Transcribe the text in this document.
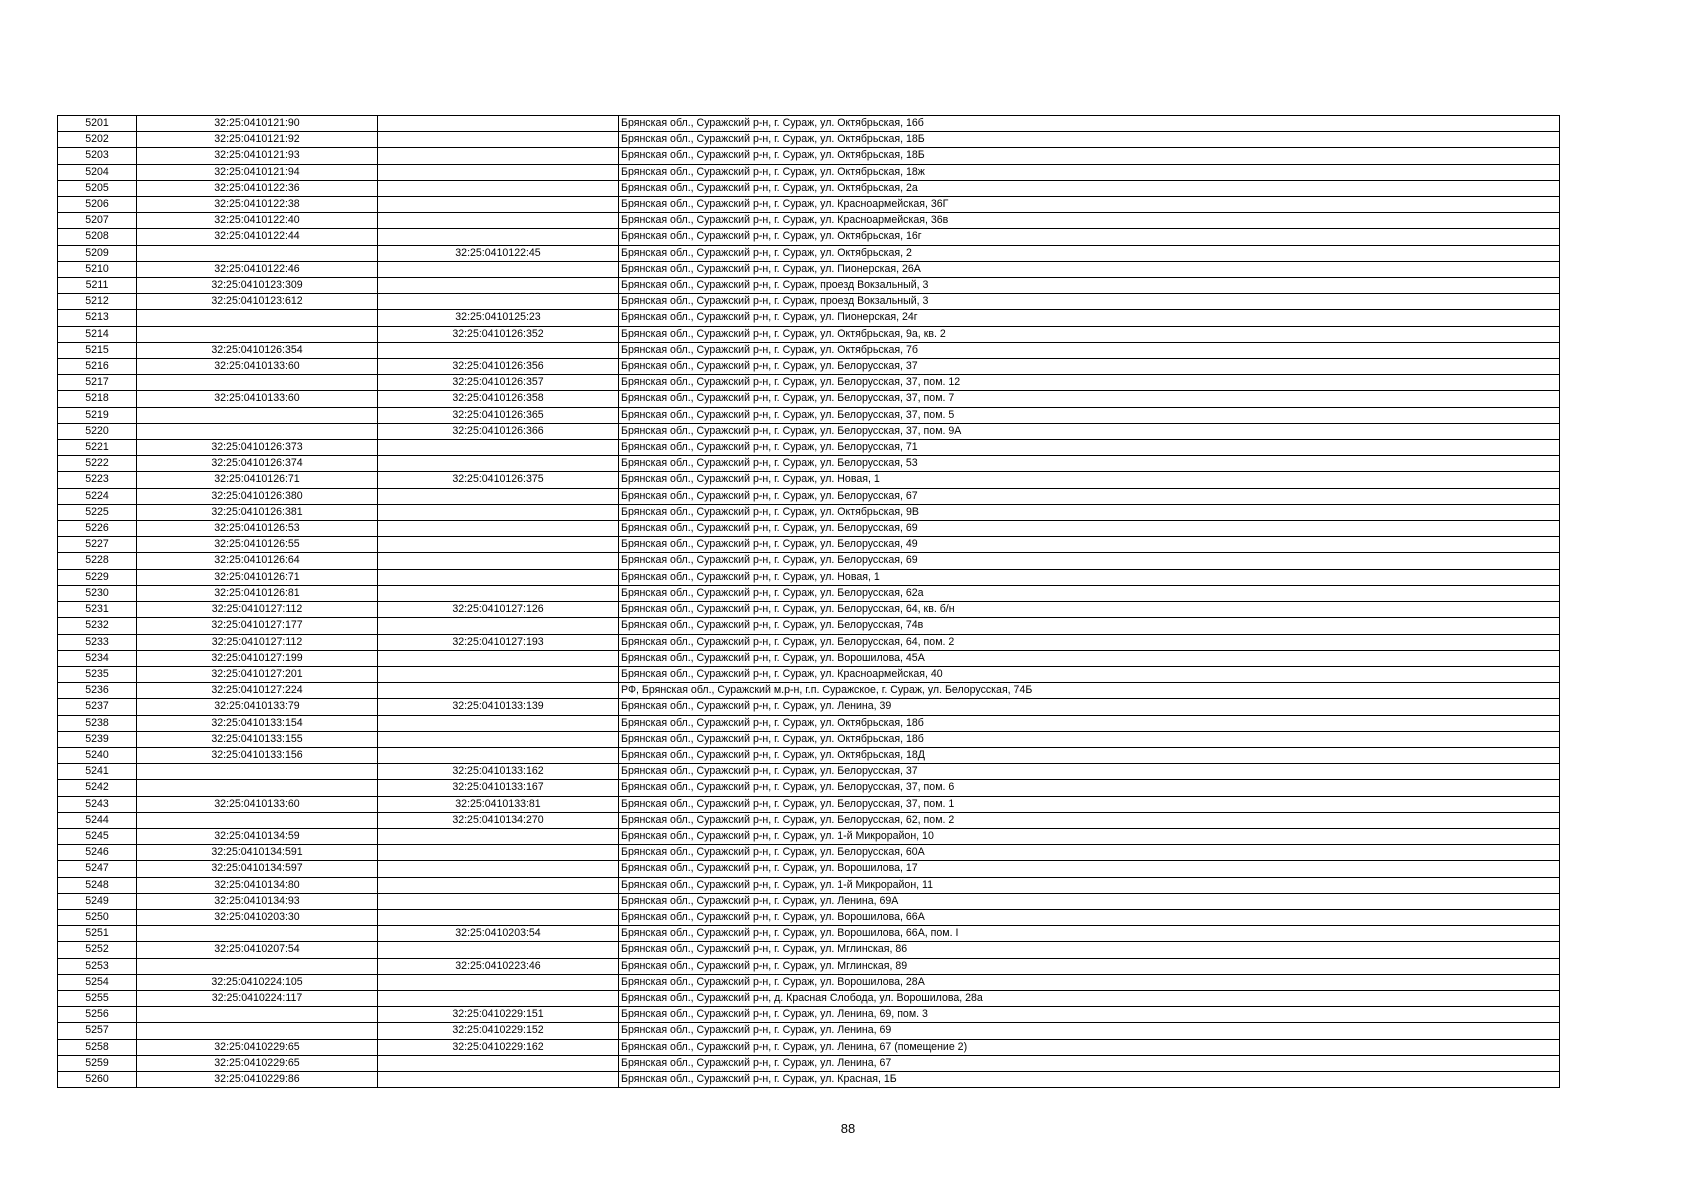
5201	32:25:0410121:90		Брянская обл., Суражский р-н, г. Сураж, ул. Октябрьская, 16б
5202	32:25:0410121:92		Брянская обл., Суражский р-н, г. Сураж, ул. Октябрьская, 18Б
5203	32:25:0410121:93		Брянская обл., Суражский р-н, г. Сураж, ул. Октябрьская, 18Б
5204	32:25:0410121:94		Брянская обл., Суражский р-н, г. Сураж, ул. Октябрьская, 18ж
5205	32:25:0410122:36		Брянская обл., Суражский р-н, г. Сураж, ул. Октябрьская, 2а
5206	32:25:0410122:38		Брянская обл., Суражский р-н, г. Сураж, ул. Красноармейская, 36Г
5207	32:25:0410122:40		Брянская обл., Суражский р-н, г. Сураж, ул. Красноармейская, 36в
5208	32:25:0410122:44		Брянская обл., Суражский р-н, г. Сураж, ул. Октябрьская, 16г
5209		32:25:0410122:45	Брянская обл., Суражский р-н, г. Сураж, ул. Октябрьская, 2
5210	32:25:0410122:46		Брянская обл., Суражский р-н, г. Сураж, ул. Пионерская, 26А
5211	32:25:0410123:309		Брянская обл., Суражский р-н, г. Сураж, проезд Вокзальный, 3
5212	32:25:0410123:612		Брянская обл., Суражский р-н, г. Сураж, проезд Вокзальный, 3
5213		32:25:0410125:23	Брянская обл., Суражский р-н, г. Сураж, ул. Пионерская, 24г
5214		32:25:0410126:352	Брянская обл., Суражский р-н, г. Сураж, ул. Октябрьская, 9а, кв. 2
5215	32:25:0410126:354		Брянская обл., Суражский р-н, г. Сураж, ул. Октябрьская, 7б
5216	32:25:0410133:60	32:25:0410126:356	Брянская обл., Суражский р-н, г. Сураж, ул. Белорусская, 37
5217		32:25:0410126:357	Брянская обл., Суражский р-н, г. Сураж, ул. Белорусская, 37, пом. 12
5218	32:25:0410133:60	32:25:0410126:358	Брянская обл., Суражский р-н, г. Сураж, ул. Белорусская, 37, пом. 7
5219		32:25:0410126:365	Брянская обл., Суражский р-н, г. Сураж, ул. Белорусская, 37, пом. 5
5220		32:25:0410126:366	Брянская обл., Суражский р-н, г. Сураж, ул. Белорусская, 37, пом. 9А
5221	32:25:0410126:373		Брянская обл., Суражский р-н, г. Сураж, ул. Белорусская, 71
5222	32:25:0410126:374		Брянская обл., Суражский р-н, г. Сураж, ул. Белорусская, 53
5223	32:25:0410126:71	32:25:0410126:375	Брянская обл., Суражский р-н, г. Сураж, ул. Новая, 1
5224	32:25:0410126:380		Брянская обл., Суражский р-н, г. Сураж, ул. Белорусская, 67
5225	32:25:0410126:381		Брянская обл., Суражский р-н, г. Сураж, ул. Октябрьская, 9В
5226	32:25:0410126:53		Брянская обл., Суражский р-н, г. Сураж, ул. Белорусская, 69
5227	32:25:0410126:55		Брянская обл., Суражский р-н, г. Сураж, ул. Белорусская, 49
5228	32:25:0410126:64		Брянская обл., Суражский р-н, г. Сураж, ул. Белорусская, 69
5229	32:25:0410126:71		Брянская обл., Суражский р-н, г. Сураж, ул. Новая, 1
5230	32:25:0410126:81		Брянская обл., Суражский р-н, г. Сураж, ул. Белорусская, 62а
5231	32:25:0410127:112	32:25:0410127:126	Брянская обл., Суражский р-н, г. Сураж, ул. Белорусская, 64, кв. б/н
5232	32:25:0410127:177		Брянская обл., Суражский р-н, г. Сураж, ул. Белорусская, 74в
5233	32:25:0410127:112	32:25:0410127:193	Брянская обл., Суражский р-н, г. Сураж, ул. Белорусская, 64, пом. 2
5234	32:25:0410127:199		Брянская обл., Суражский р-н, г. Сураж, ул. Ворошилова, 45А
5235	32:25:0410127:201		Брянская обл., Суражский р-н, г. Сураж, ул. Красноармейская, 40
5236	32:25:0410127:224		РФ, Брянская обл., Суражский м.р-н, г.п. Суражское, г. Сураж, ул. Белорусская, 74Б
5237	32:25:0410133:79	32:25:0410133:139	Брянская обл., Суражский р-н, г. Сураж, ул. Ленина, 39
5238	32:25:0410133:154		Брянская обл., Суражский р-н, г. Сураж, ул. Октябрьская, 18б
5239	32:25:0410133:155		Брянская обл., Суражский р-н, г. Сураж, ул. Октябрьская, 18б
5240	32:25:0410133:156		Брянская обл., Суражский р-н, г. Сураж, ул. Октябрьская, 18Д
5241		32:25:0410133:162	Брянская обл., Суражский р-н, г. Сураж, ул. Белорусская, 37
5242		32:25:0410133:167	Брянская обл., Суражский р-н, г. Сураж, ул. Белорусская, 37, пом. 6
5243	32:25:0410133:60	32:25:0410133:81	Брянская обл., Суражский р-н, г. Сураж, ул. Белорусская, 37, пом. 1
5244		32:25:0410134:270	Брянская обл., Суражский р-н, г. Сураж, ул. Белорусская, 62, пом. 2
5245	32:25:0410134:59		Брянская обл., Суражский р-н, г. Сураж, ул. 1-й Микрорайон, 10
5246	32:25:0410134:591		Брянская обл., Суражский р-н, г. Сураж, ул. Белорусская, 60А
5247	32:25:0410134:597		Брянская обл., Суражский р-н, г. Сураж, ул. Ворошилова, 17
5248	32:25:0410134:80		Брянская обл., Суражский р-н, г. Сураж, ул. 1-й Микрорайон, 11
5249	32:25:0410134:93		Брянская обл., Суражский р-н, г. Сураж, ул. Ленина, 69А
5250	32:25:0410203:30		Брянская обл., Суражский р-н, г. Сураж, ул. Ворошилова, 66А
5251		32:25:0410203:54	Брянская обл., Суражский р-н, г. Сураж, ул. Ворошилова, 66А, пом. I
5252	32:25:0410207:54		Брянская обл., Суражский р-н, г. Сураж, ул. Мглинская, 86
5253		32:25:0410223:46	Брянская обл., Суражский р-н, г. Сураж, ул. Мглинская, 89
5254	32:25:0410224:105		Брянская обл., Суражский р-н, г. Сураж, ул. Ворошилова, 28А
5255	32:25:0410224:117		Брянская обл., Суражский р-н, д. Красная Слобода, ул. Ворошилова, 28а
5256		32:25:0410229:151	Брянская обл., Суражский р-н, г. Сураж, ул. Ленина, 69, пом. 3
5257		32:25:0410229:152	Брянская обл., Суражский р-н, г. Сураж, ул. Ленина, 69
5258	32:25:0410229:65	32:25:0410229:162	Брянская обл., Суражский р-н, г. Сураж, ул. Ленина, 67 (помещение 2)
5259	32:25:0410229:65		Брянская обл., Суражский р-н, г. Сураж, ул. Ленина, 67
5260	32:25:0410229:86		Брянская обл., Суражский р-н, г. Сураж, ул. Красная, 1Б
88
